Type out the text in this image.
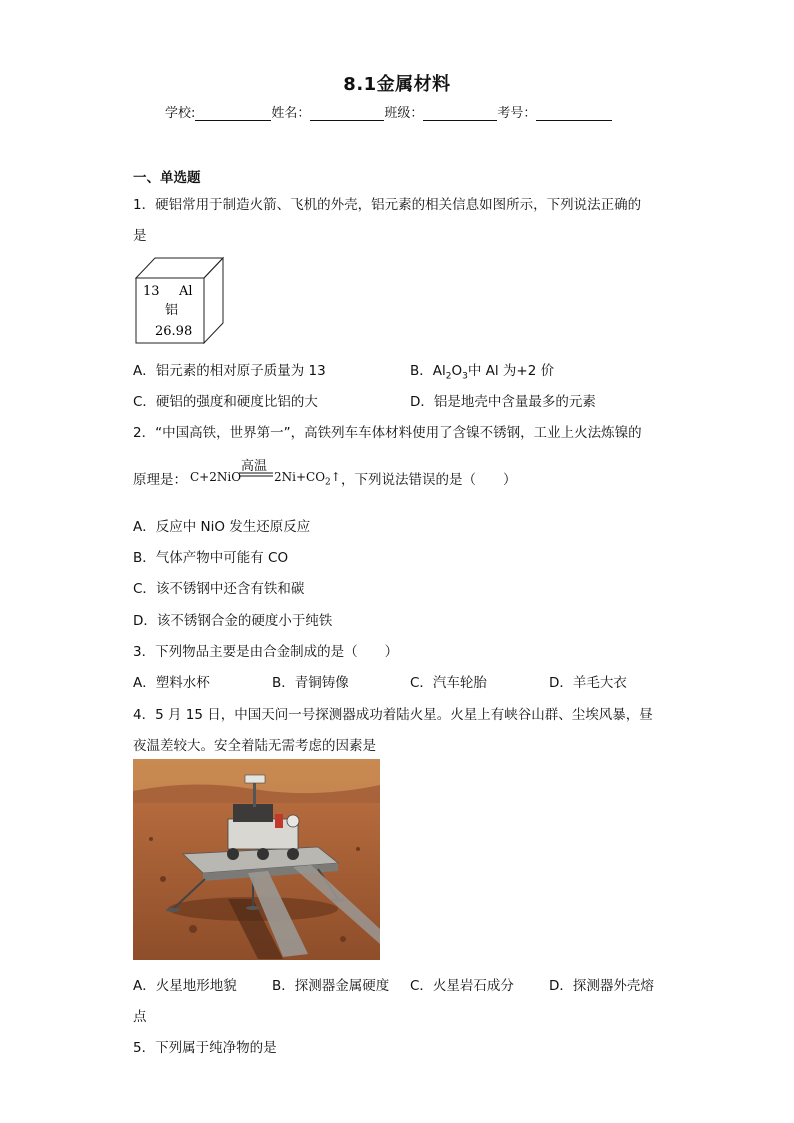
8.1金属材料
学校:	姓名：	班级：	考号：
一、单选题
1．硬铝常用于制造火箭、飞机的外壳，铝元素的相关信息如图所示，下列说法正确的
是
13 Al
铝
26.98
A．铝元素的相对原子质量为 13	B．$Al_2O_3$中 Al 为+2 价
C．硬铝的强度和硬度比铝的大	D．铝是地壳中含量最多的元素
2．“中国高铁，世界第一”，高铁列车车体材料使用了含镍不锈钢，工业上火法炼镍的
原理是： C+2NiO
高温
$2Ni+CO_2↑$ ，下列说法错误的是（　　）
A．反应中 NiO 发生还原反应
B．气体产物中可能有 CO
C．该不锈钢中还含有铁和碳
D．该不锈钢合金的硬度小于纯铁
3．下列物品主要是由合金制成的是（　　）
A．塑料水杯	B．青铜铸像	C．汽车轮胎	D．羊毛大衣
4．5 月 15 日，中国天问一号探测器成功着陆火星。火星上有峡谷山群、尘埃风暴，昼
夜温差较大。安全着陆无需考虑的因素是
A．火星地形地貌	B．探测器金属硬度 C．火星岩石成分	D．探测器外壳熔
点
5．下列属于纯净物的是
